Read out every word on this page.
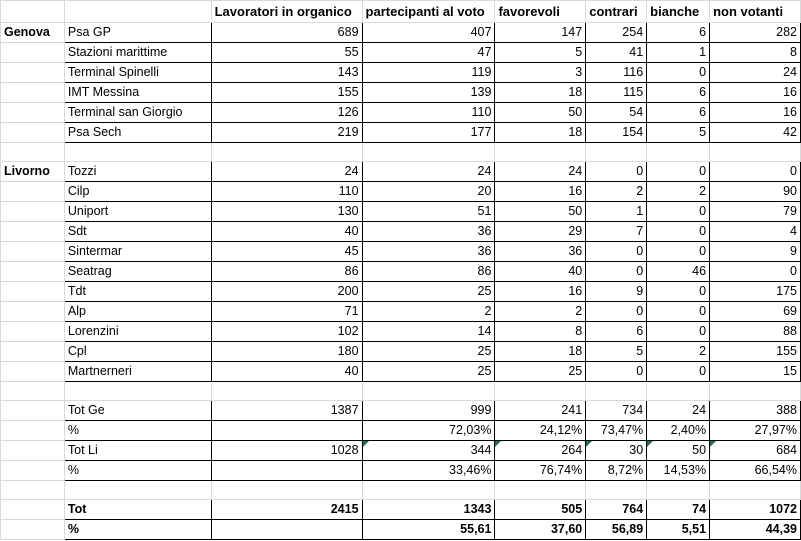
		Lavoratori in organico	partecipanti al voto	favorevoli	contrari	bianche	non votanti
Genova	Psa GP	689	407	147	254	6	282
	Stazioni marittime	55	47	5	41	1	8
	Terminal Spinelli	143	119	3	116	0	24
	IMT Messina	155	139	18	115	6	16
	Terminal san Giorgio	126	110	50	54	6	16
	Psa Sech	219	177	18	154	5	42

Livorno	Tozzi	24	24	24	0	0	0
	Cilp	110	20	16	2	2	90
	Uniport	130	51	50	1	0	79
	Sdt	40	36	29	7	0	4
	Sintermar	45	36	36	0	0	9
	Seatrag	86	86	40	0	46	0
	Tdt	200	25	16	9	0	175
	Alp	71	2	2	0	0	69
	Lorenzini	102	14	8	6	0	88
	Cpl	180	25	18	5	2	155
	Martnerneri	40	25	25	0	0	15

	Tot Ge	1387	999	241	734	24	388
	%		72,03%	24,12%	73,47%	2,40%	27,97%
	Tot Li	1028	344	264	30	50	684
	%		33,46%	76,74%	8,72%	14,53%	66,54%

	Tot	2415	1343	505	764	74	1072
	%		55,61	37,60	56,89	5,51	44,39
